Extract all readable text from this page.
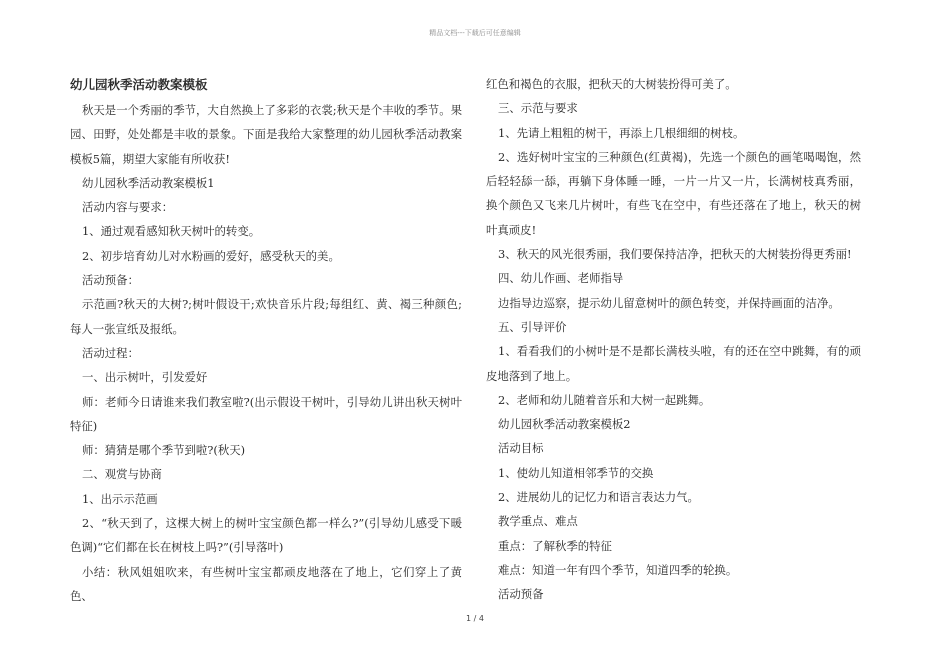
精品文档---下载后可任意编辑
幼儿园秋季活动教案模板

秋天是一个秀丽的季节，大自然换上了多彩的衣裳;秋天是个丰收的季节。果园、田野，处处都是丰收的景象。下面是我给大家整理的幼儿园秋季活动教案模板5篇，期望大家能有所收获!

幼儿园秋季活动教案模板1

活动内容与要求：

1、通过观看感知秋天树叶的转变。

2、初步培育幼儿对水粉画的爱好，感受秋天的美。

活动预备：

示范画?秋天的大树?;树叶假设干;欢快音乐片段;每组红、黄、褐三种颜色;每人一张宣纸及报纸。

活动过程：

一、出示树叶，引发爱好

师：老师今日请谁来我们教室啦?(出示假设干树叶，引导幼儿讲出秋天树叶特征)

师：猜猜是哪个季节到啦?(秋天)

二、观赏与协商

1、出示示范画

2、“秋天到了，这棵大树上的树叶宝宝颜色都一样么?”(引导幼儿感受下暖色调)“它们都在长在树枝上吗?”(引导落叶)

小结：秋风姐姐吹来，有些树叶宝宝都顽皮地落在了地上，它们穿上了黄色、

红色和褐色的衣服，把秋天的大树装扮得可美了。

三、示范与要求

1、先请上粗粗的树干，再添上几根细细的树枝。

2、选好树叶宝宝的三种颜色(红黄褐)，先选一个颜色的画笔喝喝饱，然后轻轻舔一舔，再躺下身体睡一睡，一片一片又一片，长满树枝真秀丽，换个颜色又飞来几片树叶，有些飞在空中，有些还落在了地上，秋天的树叶真顽皮!

3、秋天的风光很秀丽，我们要保持洁净，把秋天的大树装扮得更秀丽!

四、幼儿作画、老师指导

边指导边巡察，提示幼儿留意树叶的颜色转变，并保持画面的洁净。

五、引导评价

1、看看我们的小树叶是不是都长满枝头啦，有的还在空中跳舞，有的顽皮地落到了地上。

2、老师和幼儿随着音乐和大树一起跳舞。

幼儿园秋季活动教案模板2

活动目标

1、使幼儿知道相邻季节的交换

2、进展幼儿的记忆力和语言表达力气。

教学重点、难点

重点：了解秋季的特征

难点：知道一年有四个季节，知道四季的轮换。

活动预备

1 / 4
